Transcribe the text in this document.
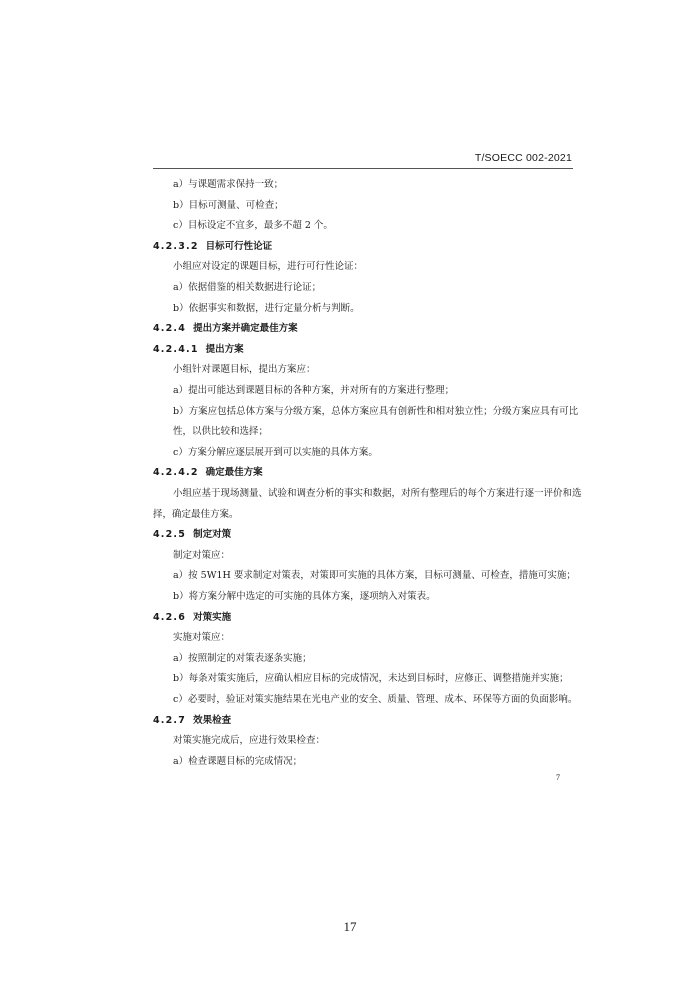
T/SOECC 002-2021
a）与课题需求保持一致；
b）目标可测量、可检查；
c）目标设定不宜多，最多不超 2 个。
4.2.3.2 目标可行性论证
小组应对设定的课题目标，进行可行性论证：
a）依据借鉴的相关数据进行论证；
b）依据事实和数据，进行定量分析与判断。
4.2.4 提出方案并确定最佳方案
4.2.4.1 提出方案
小组针对课题目标，提出方案应：
a）提出可能达到课题目标的各种方案，并对所有的方案进行整理；
b）方案应包括总体方案与分级方案，总体方案应具有创新性和相对独立性；分级方案应具有可比
性，以供比较和选择；
c）方案分解应逐层展开到可以实施的具体方案。
4.2.4.2 确定最佳方案
小组应基于现场测量、试验和调查分析的事实和数据，对所有整理后的每个方案进行逐一评价和选
择，确定最佳方案。
4.2.5 制定对策
制定对策应：
a）按 5W1H 要求制定对策表，对策即可实施的具体方案，目标可测量、可检查，措施可实施；
b）将方案分解中选定的可实施的具体方案，逐项纳入对策表。
4.2.6 对策实施
实施对策应：
a）按照制定的对策表逐条实施；
b）每条对策实施后，应确认相应目标的完成情况，未达到目标时，应修正、调整措施并实施；
c）必要时，验证对策实施结果在光电产业的安全、质量、管理、成本、环保等方面的负面影响。
4.2.7 效果检查
对策实施完成后，应进行效果检查：
a）检查课题目标的完成情况；
7
17
